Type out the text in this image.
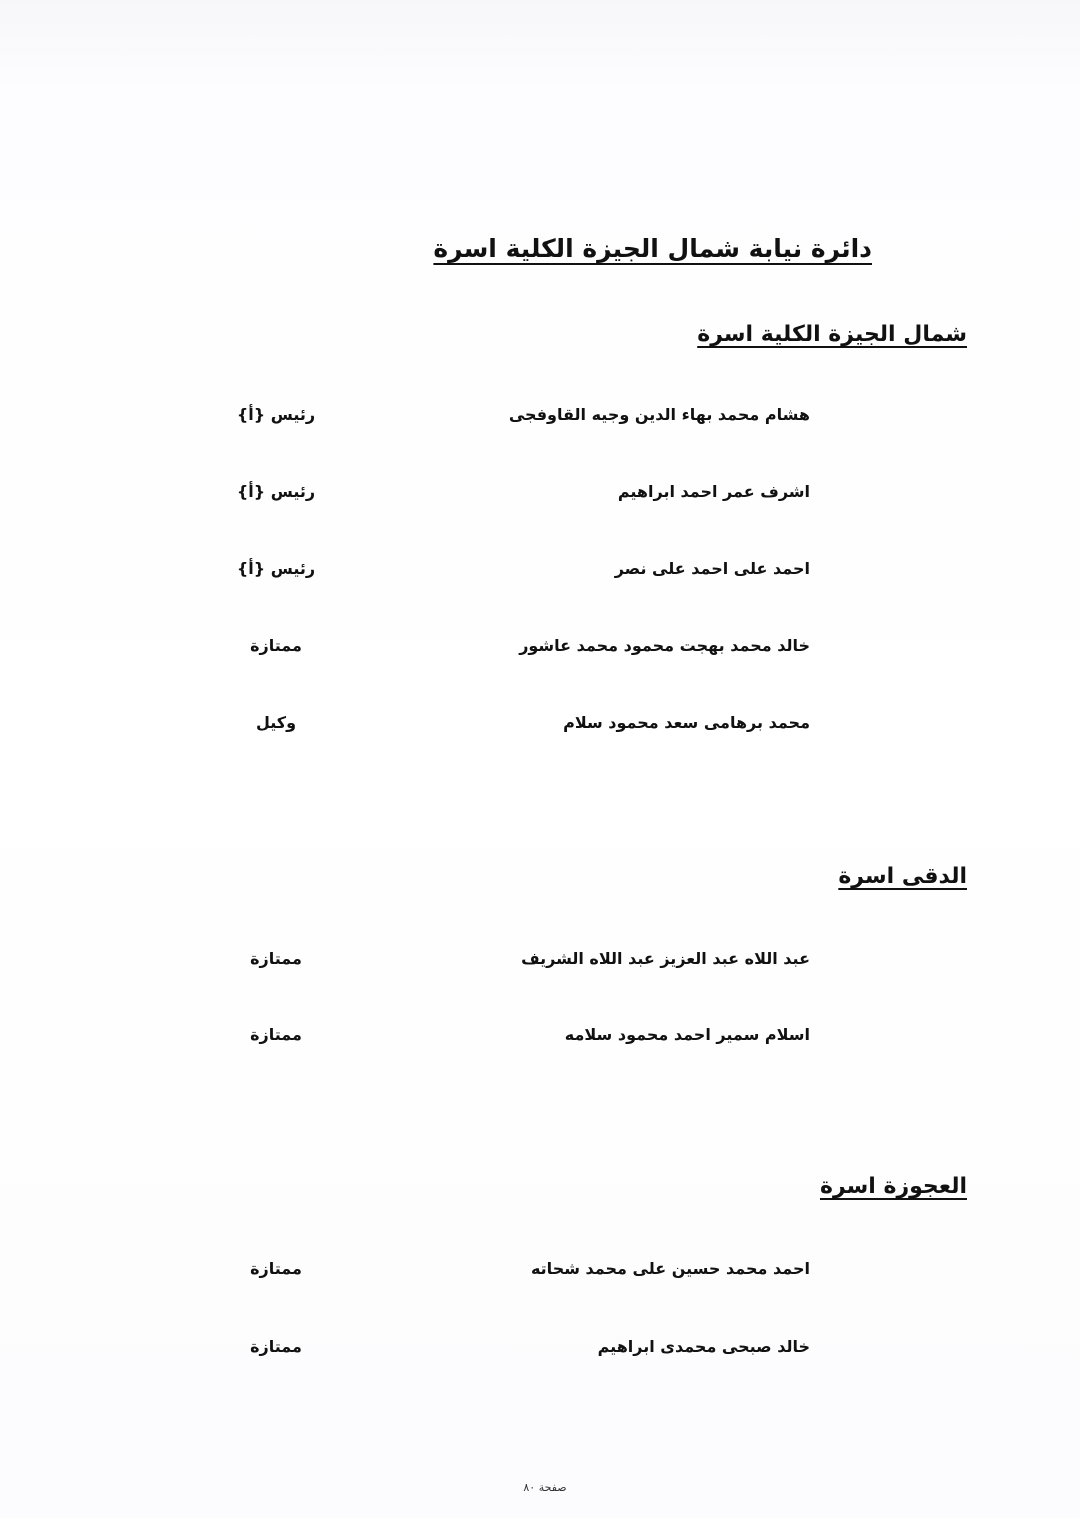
دائرة نيابة شمال الجيزة الكلية اسرة
شمال الجيزة الكلية اسرة
هشام محمد بهاء الدين وجيه القاوفجى
رئيس {أ}
اشرف عمر احمد ابراهيم
رئيس {أ}
احمد على احمد على نصر
رئيس {أ}
خالد محمد بهجت محمود محمد عاشور
ممتازة
محمد برهامى سعد محمود سلام
وكيل
الدقى اسرة
عبد اللاه عبد العزيز عبد اللاه الشريف
ممتازة
اسلام سمير احمد محمود سلامه
ممتازة
العجوزة اسرة
احمد محمد حسين على محمد شحاته
ممتازة
خالد صبحى محمدى ابراهيم
ممتازة
صفحة ٨٠
